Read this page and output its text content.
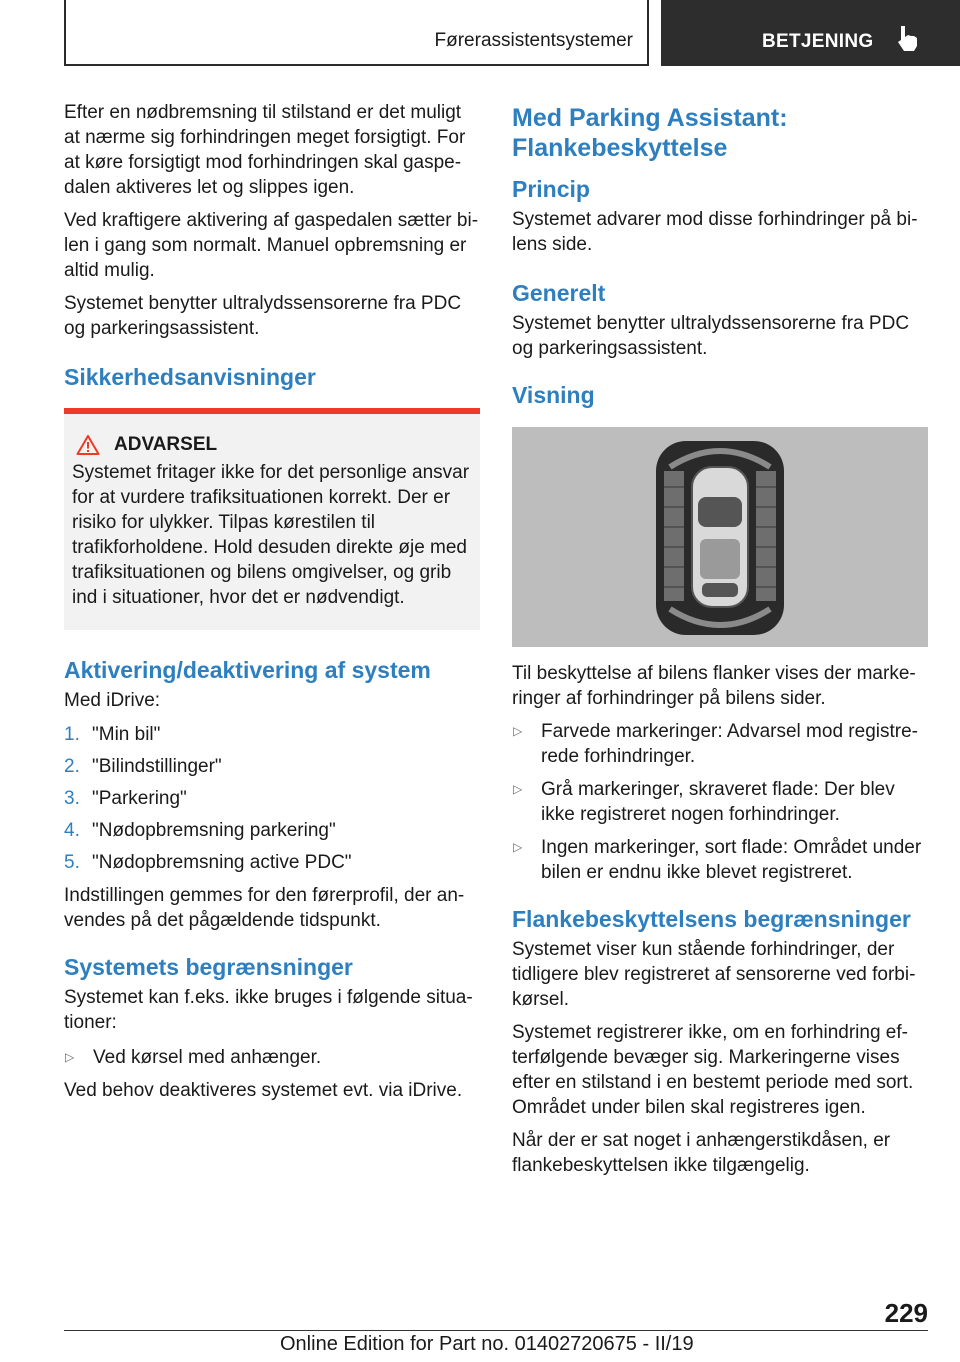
Førerassistentsystemer	BETJENING

Efter en nødbremsning til stilstand er det muligt at nærme sig forhindringen meget forsigtigt. For at køre forsigtigt mod forhindringen skal gaspedalen aktiveres let og slippes igen.

Ved kraftigere aktivering af gaspedalen sætter bilen i gang som normalt. Manuel opbremsning er altid mulig.

Systemet benytter ultralydssensorerne fra PDC og parkeringsassistent.

Sikkerhedsanvisninger
ADVARSEL

Systemet fritager ikke for det personlige ansvar for at vurdere trafiksituationen korrekt. Der er risiko for ulykker. Tilpas kørestilen til trafikforholdene. Hold desuden direkte øje med trafiksituationen og bilens omgivelser, og grib ind i situationer, hvor det er nødvendigt.

Aktivering/deaktivering af system

Med iDrive:

1. "Min bil"
2. "Bilindstillinger"
3. "Parkering"
4. "Nødopbremsning parkering"
5. "Nødopbremsning active PDC"

Indstillingen gemmes for den førerprofil, der anvendes på det pågældende tidspunkt.

Systemets begrænsninger

Systemet kan f.eks. ikke bruges i følgende situationer:

▷ Ved kørsel med anhænger.

Ved behov deaktiveres systemet evt. via iDrive.

Med Parking Assistant: Flankebeskyttelse
Princip

Systemet advarer mod disse forhindringer på bilens side.

Generelt

Systemet benytter ultralydssensorerne fra PDC og parkeringsassistent.

Visning

Til beskyttelse af bilens flanker vises der markeringer af forhindringer på bilens sider.

▷ Farvede markeringer: Advarsel mod registrerede forhindringer.
▷ Grå markeringer, skraveret flade: Der blev ikke registreret nogen forhindringer.
▷ Ingen markeringer, sort flade: Området under bilen er endnu ikke blevet registreret.
Flankebeskyttelsens begrænsninger

Systemet viser kun stående forhindringer, der tidligere blev registreret af sensorerne ved forbikørsel.

Systemet registrerer ikke, om en forhindring efterfølgende bevæger sig. Markeringerne vises efter en stilstand i en bestemt periode med sort. Området under bilen skal registreres igen.

Når der er sat noget i anhængerstikdåsen, er flankebeskyttelsen ikke tilgængelig.

229
Online Edition for Part no. 01402720675 - II/19
